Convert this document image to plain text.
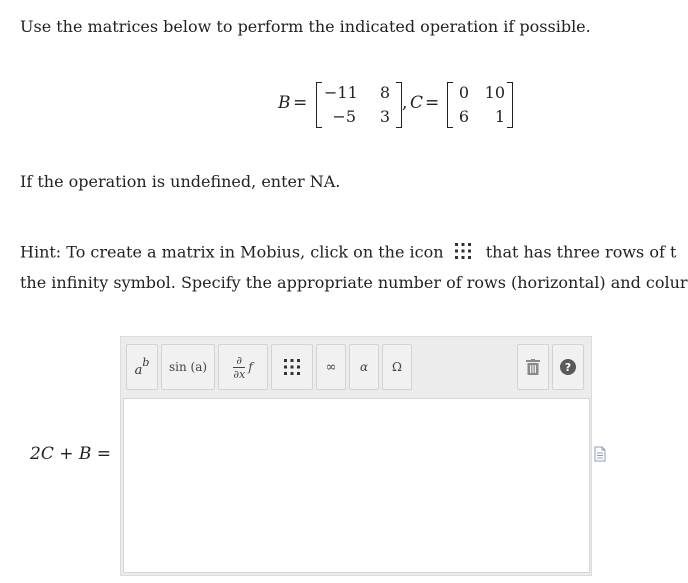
Use the matrices below to perform the indicated operation if possible.
B =
−11	8
−5	3
, C =
0 10
6	1
If the operation is undefined, enter NA.
Hint: To create a matrix in Mobius, click on the icon	that has three rows of t
the infinity symbol. Specify the appropriate number of rows (horizontal) and colur
a
b sin (a)	∂
∂x f	∞ α Ω	?
2C + B =
